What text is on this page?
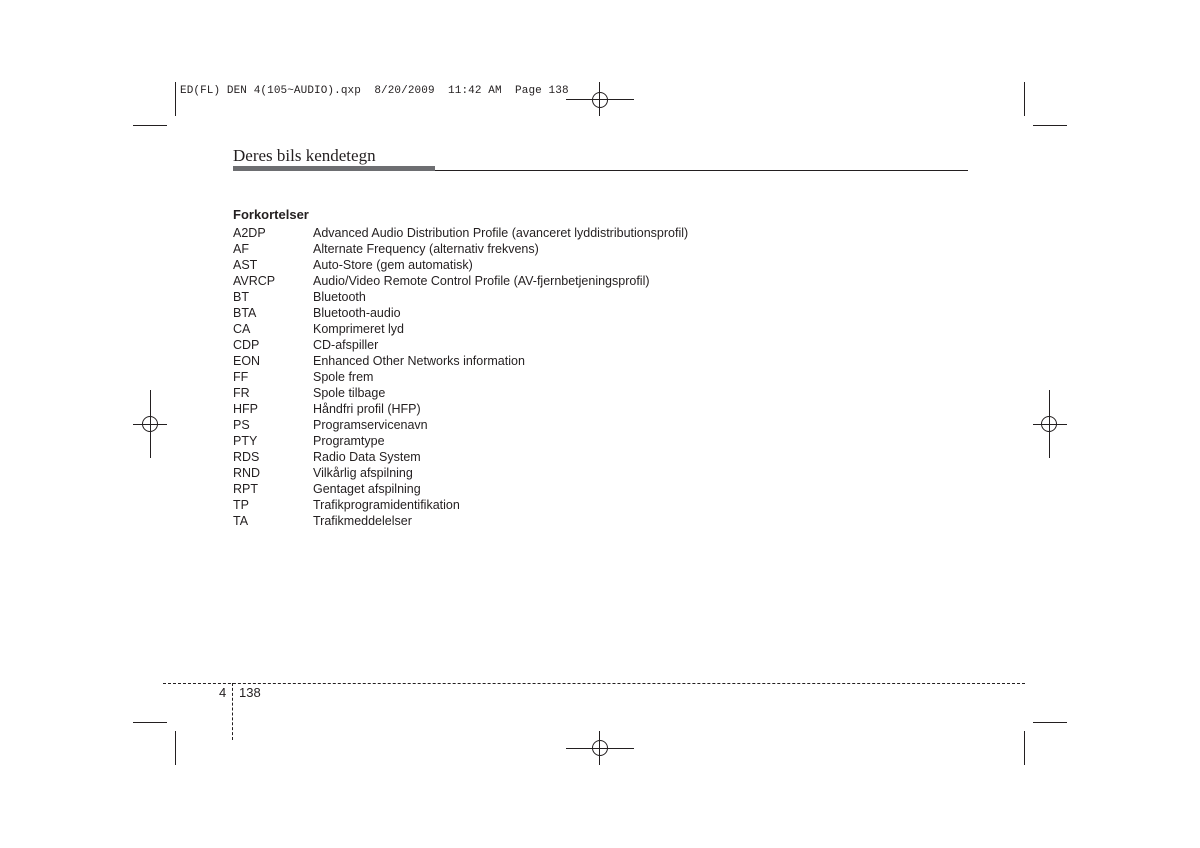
ED(FL) DEN 4(105~AUDIO).qxp  8/20/2009  11:42 AM  Page 138
Deres bils kendetegn
Forkortelser
A2DP	Advanced Audio Distribution Profile (avanceret lyddistributionsprofil)
AF	Alternate Frequency (alternativ frekvens)
AST	Auto-Store (gem automatisk)
AVRCP	Audio/Video Remote Control Profile (AV-fjernbetjeningsprofil)
BT	Bluetooth
BTA	Bluetooth-audio
CA	Komprimeret lyd
CDP	CD-afspiller
EON	Enhanced Other Networks information
FF	Spole frem
FR	Spole tilbage
HFP	Håndfri profil (HFP)
PS	Programservicenavn
PTY	Programtype
RDS	Radio Data System
RND	Vilkårlig afspilning
RPT	Gentaget afspilning
TP	Trafikprogramidentifikation
TA	Trafikmeddelelser
4 138
